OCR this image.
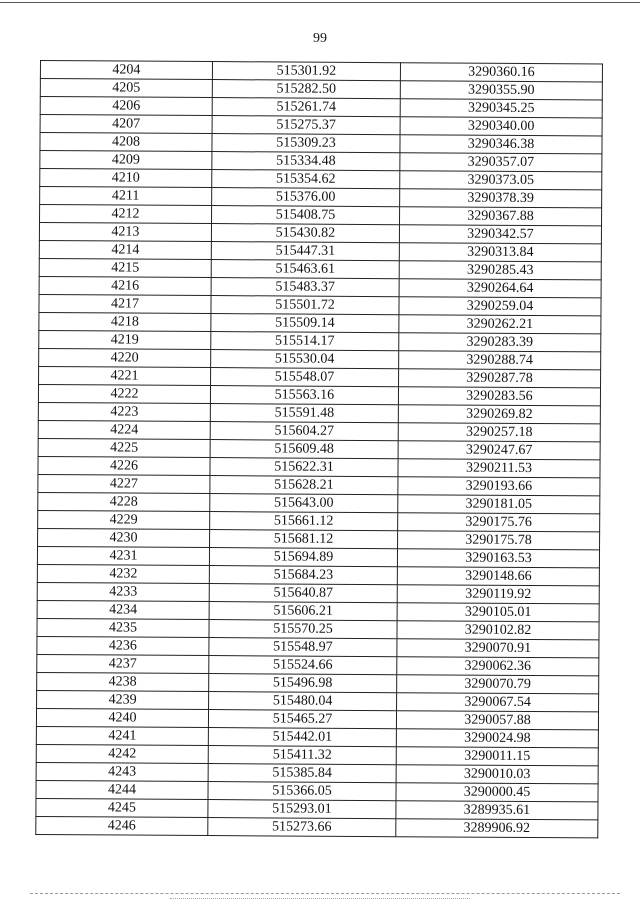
99
4204	515301.92	3290360.16
4205	515282.50	3290355.90
4206	515261.74	3290345.25
4207	515275.37	3290340.00
4208	515309.23	3290346.38
4209	515334.48	3290357.07
4210	515354.62	3290373.05
4211	515376.00	3290378.39
4212	515408.75	3290367.88
4213	515430.82	3290342.57
4214	515447.31	3290313.84
4215	515463.61	3290285.43
4216	515483.37	3290264.64
4217	515501.72	3290259.04
4218	515509.14	3290262.21
4219	515514.17	3290283.39
4220	515530.04	3290288.74
4221	515548.07	3290287.78
4222	515563.16	3290283.56
4223	515591.48	3290269.82
4224	515604.27	3290257.18
4225	515609.48	3290247.67
4226	515622.31	3290211.53
4227	515628.21	3290193.66
4228	515643.00	3290181.05
4229	515661.12	3290175.76
4230	515681.12	3290175.78
4231	515694.89	3290163.53
4232	515684.23	3290148.66
4233	515640.87	3290119.92
4234	515606.21	3290105.01
4235	515570.25	3290102.82
4236	515548.97	3290070.91
4237	515524.66	3290062.36
4238	515496.98	3290070.79
4239	515480.04	3290067.54
4240	515465.27	3290057.88
4241	515442.01	3290024.98
4242	515411.32	3290011.15
4243	515385.84	3290010.03
4244	515366.05	3290000.45
4245	515293.01	3289935.61
4246	515273.66	3289906.92
